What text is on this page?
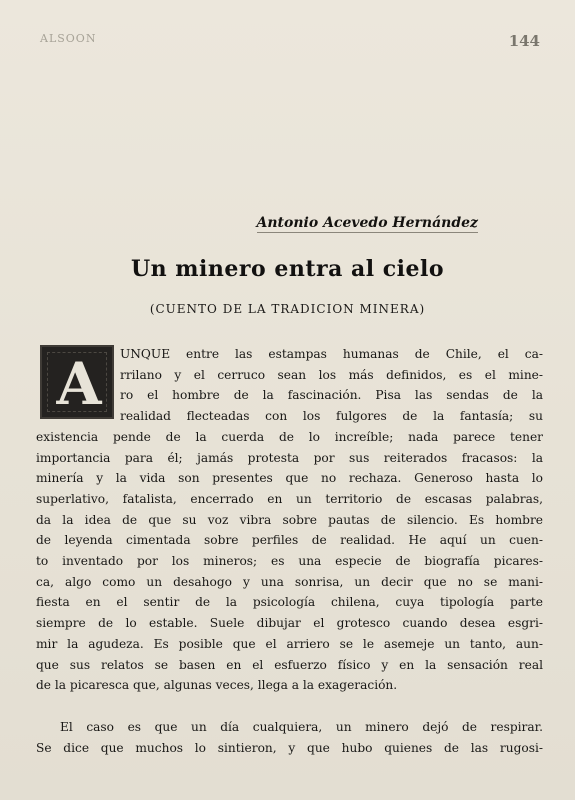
ALSOON	144
Antonio Acevedo Hernández
Un minero entra al cielo
(CUENTO DE LA TRADICION MINERA)
A	UNQUE entre las estampas humanas de Chile, el ca-
rrilano y el cerruco sean los más definidos, es el mine-
ro el hombre de la fascinación. Pisa las sendas de la
realidad flecteadas con los fulgores de la fantasía; su
existencia pende de la cuerda de lo increíble; nada parece tener
importancia para él; jamás protesta por sus reiterados fracasos: la
minería y la vida son presentes que no rechaza. Generoso hasta lo
superlativo, fatalista, encerrado en un territorio de escasas palabras,
da la idea de que su voz vibra sobre pautas de silencio. Es hombre
de leyenda cimentada sobre perfiles de realidad. He aquí un cuen-
to inventado por los mineros; es una especie de biografía picares-
ca, algo como un desahogo y una sonrisa, un decir que no se mani-
fiesta en el sentir de la psicología chilena, cuya tipología parte
siempre de lo estable. Suele dibujar el grotesco cuando desea esgri-
mir la agudeza. Es posible que el arriero se le asemeje un tanto, aun-
que sus relatos se basen en el esfuerzo físico y en la sensación real
de la picaresca que, algunas veces, llega a la exageración.
El caso es que un día cualquiera, un minero dejó de respirar.
Se dice que muchos lo sintieron, y que hubo quienes de las rugosi-
